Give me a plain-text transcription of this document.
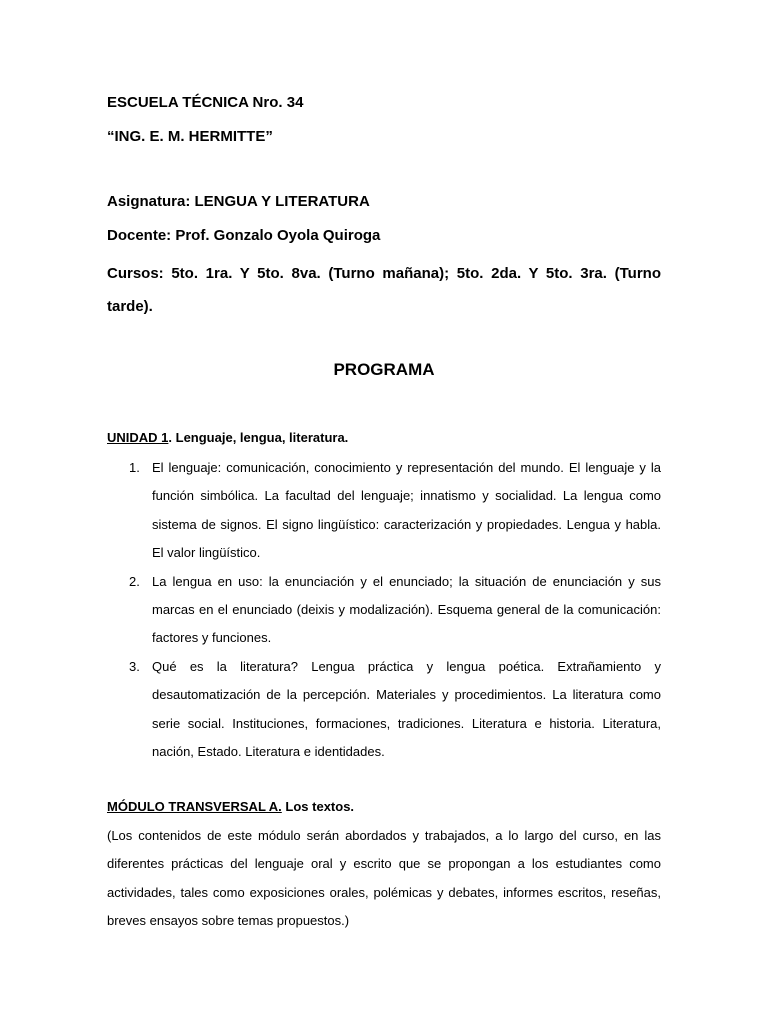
ESCUELA TÉCNICA Nro. 34

“ING. E. M. HERMITTE”

Asignatura: LENGUA Y LITERATURA

Docente: Prof. Gonzalo Oyola Quiroga

Cursos: 5to. 1ra. Y 5to. 8va. (Turno mañana); 5to. 2da. Y 5to. 3ra. (Turno tarde).

PROGRAMA

UNIDAD 1. Lenguaje, lengua, literatura.

1. El lenguaje: comunicación, conocimiento y representación del mundo. El lenguaje y la función simbólica. La facultad del lenguaje; innatismo y socialidad. La lengua como sistema de signos. El signo lingüístico: caracterización y propiedades. Lengua y habla. El valor lingüístico.
2. La lengua en uso: la enunciación y el enunciado; la situación de enunciación y sus marcas en el enunciado (deixis y modalización). Esquema general de la comunicación: factores y funciones.
3. Qué es la literatura? Lengua práctica y lengua poética. Extrañamiento y desautomatización de la percepción. Materiales y procedimientos. La literatura como serie social. Instituciones, formaciones, tradiciones. Literatura e historia. Literatura, nación, Estado. Literatura e identidades.

MÓDULO TRANSVERSAL A. Los textos.

(Los contenidos de este módulo serán abordados y trabajados, a lo largo del curso, en las diferentes prácticas del lenguaje oral y escrito que se propongan a los estudiantes como actividades, tales como exposiciones orales, polémicas y debates, informes escritos, reseñas, breves ensayos sobre temas propuestos.)
